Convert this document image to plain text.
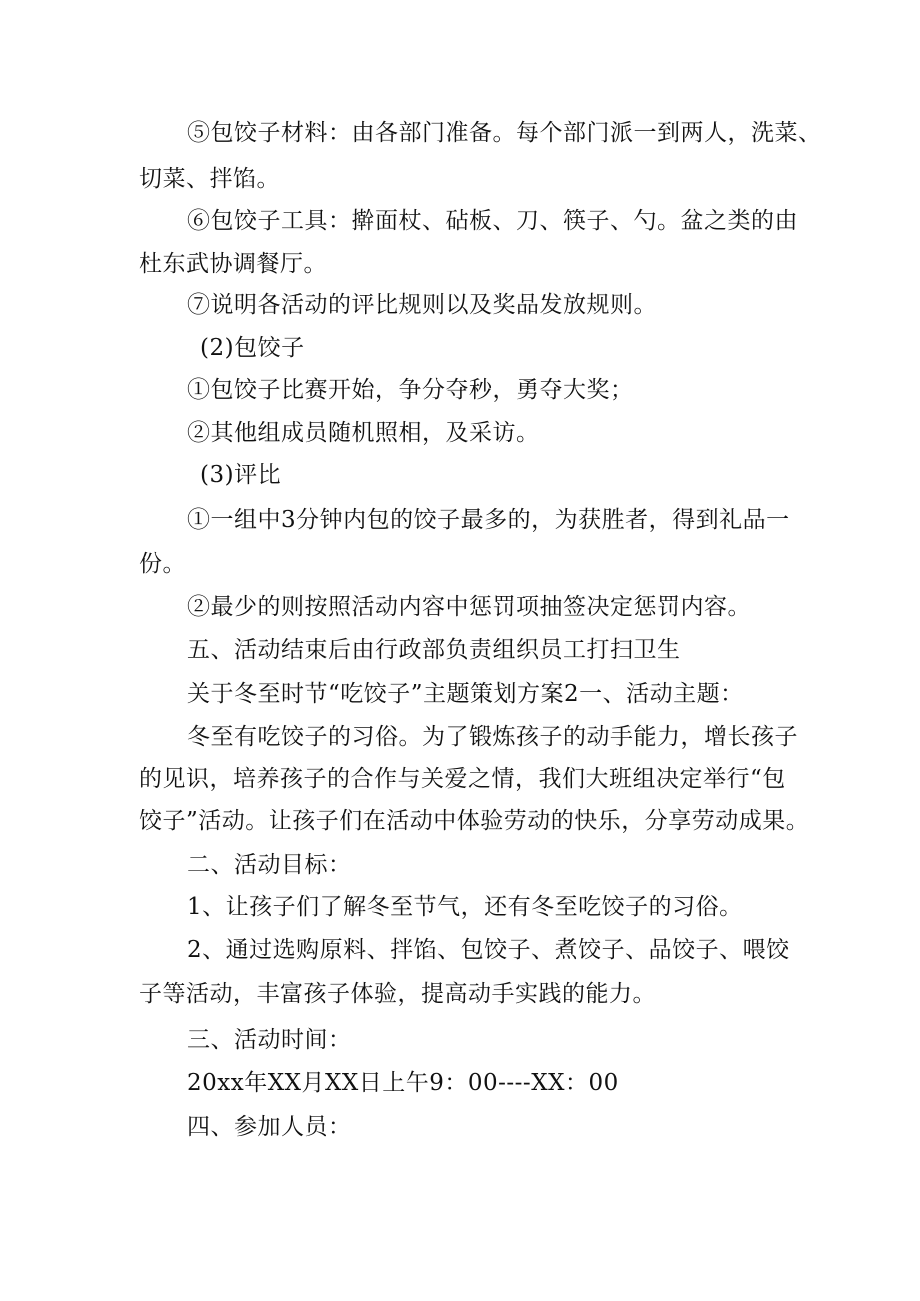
⑤包饺子材料：由各部门准备。每个部门派一到两人，洗菜、
切菜、拌馅。
⑥包饺子工具：擀面杖、砧板、刀、筷子、勺。盆之类的由
杜东武协调餐厅。
⑦说明各活动的评比规则以及奖品发放规则。
(2)包饺子
①包饺子比赛开始，争分夺秒，勇夺大奖；
②其他组成员随机照相，及采访。
(3)评比
①一组中3分钟内包的饺子最多的，为获胜者，得到礼品一
份。
②最少的则按照活动内容中惩罚项抽签决定惩罚内容。
五、活动结束后由行政部负责组织员工打扫卫生
关于冬至时节“吃饺子”主题策划方案2一、活动主题：
冬至有吃饺子的习俗。为了锻炼孩子的动手能力，增长孩子
的见识，培养孩子的合作与关爱之情，我们大班组决定举行“包
饺子”活动。让孩子们在活动中体验劳动的快乐，分享劳动成果。
二、活动目标：
1、让孩子们了解冬至节气，还有冬至吃饺子的习俗。
2、通过选购原料、拌馅、包饺子、煮饺子、品饺子、喂饺
子等活动，丰富孩子体验，提高动手实践的能力。
三、活动时间：
20xx年XX月XX日上午9：00----XX：00
四、参加人员：
